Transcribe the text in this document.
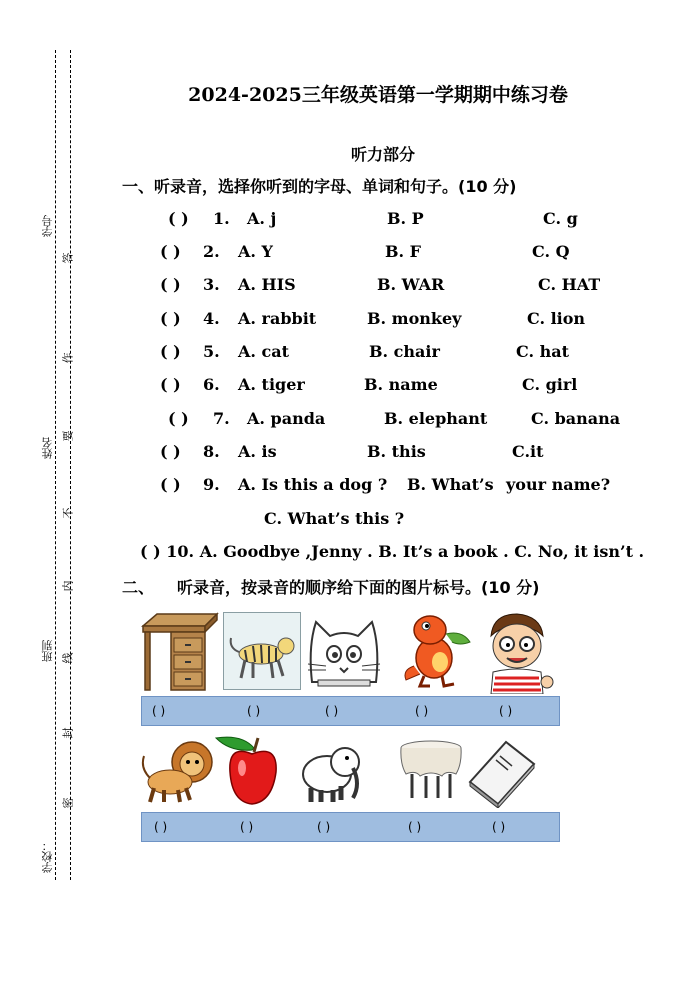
学号
姓名
班别
学校：
答
作
要
不
内
线
封
密
2024-2025三年级英语第一学期期中练习卷
听力部分
一、听录音，选择你听到的字母、单词和句子。(10 分)
( ) 1. A. j	B. P	C. g
( ) 2. A. Y	B. F	C. Q
( ) 3. A. HIS	B. WAR	C. HAT
( ) 4. A. rabbit	B. monkey	C. lion
( ) 5. A. cat	B. chair	C. hat
( ) 6. A. tiger	B. name	C. girl
( ) 7. A. panda	B. elephant	C. banana
( ) 8. A. is	B. this	C.it
( ) 9. A. Is this a dog ? B. What’s your name?
C. What’s this ?
( ) 10. A. Goodbye ,Jenny . B. It’s a book . C. No, it isn’t .
二、 听录音，按录音的顺序给下面的图片标号。(10 分)
( )	( )	( )	( )	( )
( )	( )	( )	( )	( )
